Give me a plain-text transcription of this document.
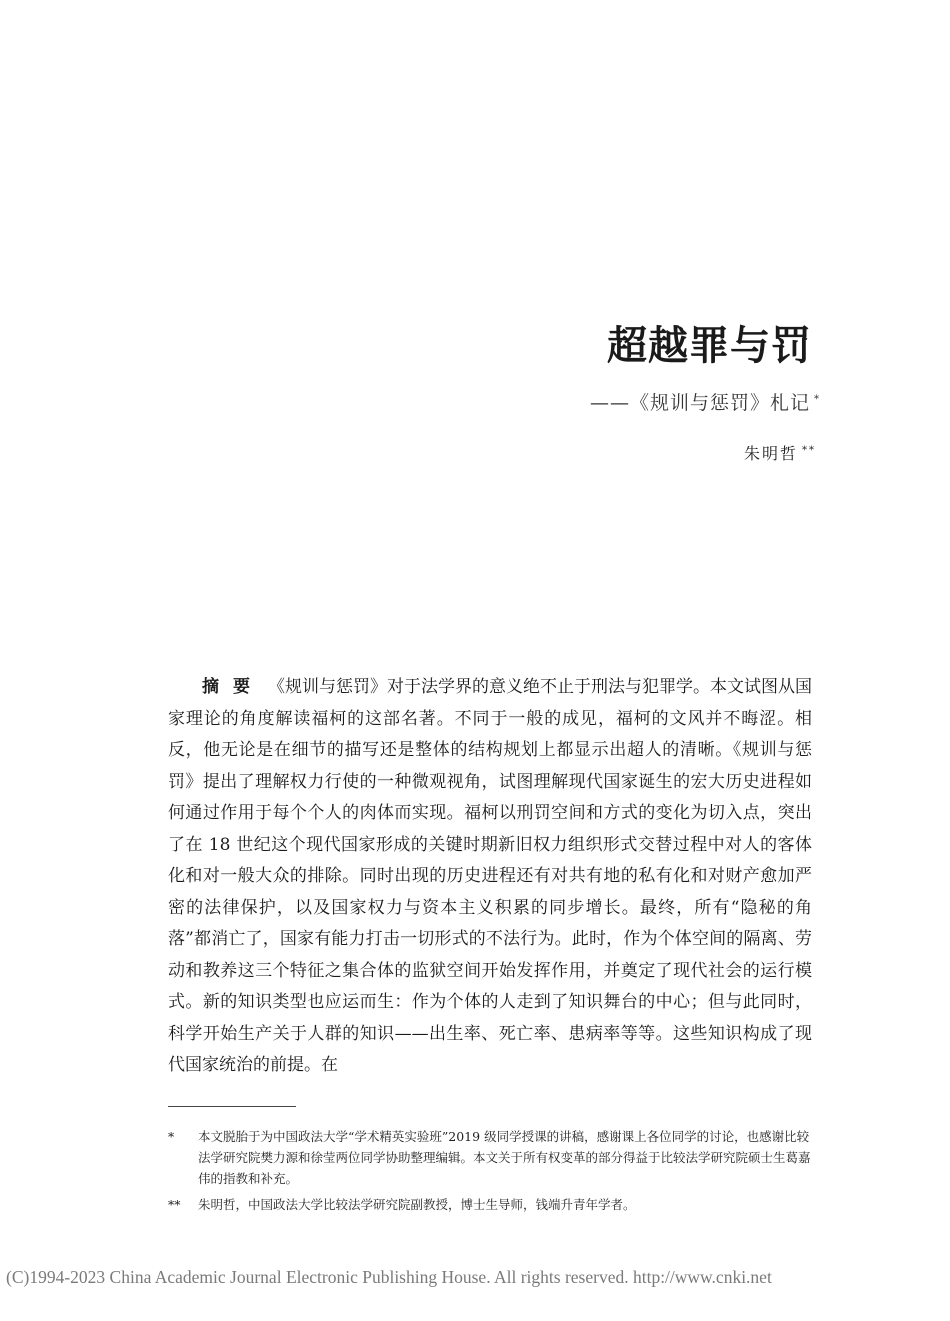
超越罪与罚
——《规训与惩罚》札记 *
朱明哲 **

摘要 《规训与惩罚》对于法学界的意义绝不止于刑法与犯罪学。本文试图从国家理论的角度解读福柯的这部名著。不同于一般的成见，福柯的文风并不晦涩。相反，他无论是在细节的描写还是整体的结构规划上都显示出超人的清晰。《规训与惩罚》提出了理解权力行使的一种微观视角，试图理解现代国家诞生的宏大历史进程如何通过作用于每个个人的肉体而实现。福柯以刑罚空间和方式的变化为切入点，突出了在 18 世纪这个现代国家形成的关键时期新旧权力组织形式交替过程中对人的客体化和对一般大众的排除。同时出现的历史进程还有对共有地的私有化和对财产愈加严密的法律保护，以及国家权力与资本主义积累的同步增长。最终，所有“隐秘的角落”都消亡了，国家有能力打击一切形式的不法行为。此时，作为个体空间的隔离、劳动和教养这三个特征之集合体的监狱空间开始发挥作用，并奠定了现代社会的运行模式。新的知识类型也应运而生：作为个体的人走到了知识舞台的中心；但与此同时，科学开始生产关于人群的知识——出生率、死亡率、患病率等等。这些知识构成了现代国家统治的前提。在

*	本文脱胎于为中国政法大学“学术精英实验班”2019 级同学授课的讲稿，感谢课上各位同学的讨论，也感谢比较法学研究院樊力源和徐莹两位同学协助整理编辑。本文关于所有权变革的部分得益于比较法学研究院硕士生葛嘉伟的指教和补充。
**	朱明哲，中国政法大学比较法学研究院副教授，博士生导师，钱端升青年学者。
(C)1994-2023 China Academic Journal Electronic Publishing House. All rights reserved. http://www.cnki.net
